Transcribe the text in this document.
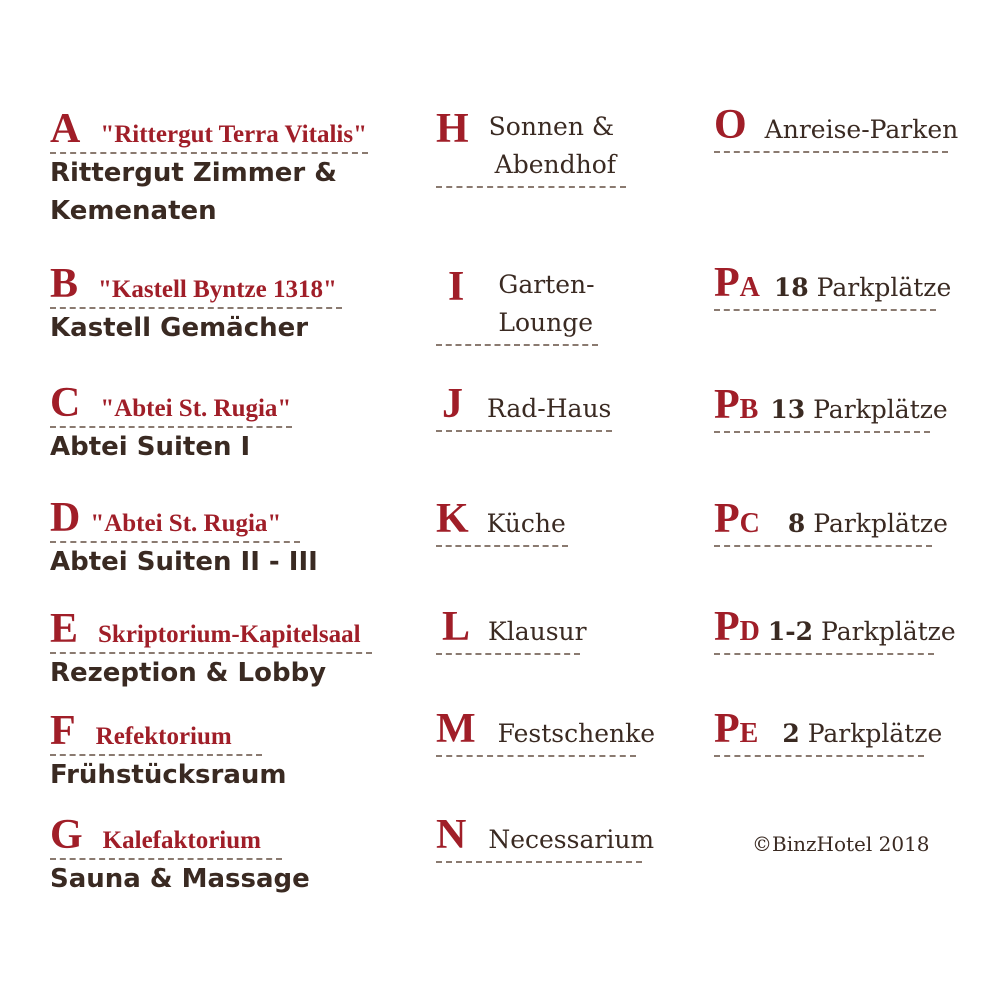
A "Rittergut Terra Vitalis"
Rittergut Zimmer &
Kemenaten
B "Kastell Byntze 1318"
Kastell Gemächer
C "Abtei St. Rugia"
Abtei Suiten I
D "Abtei St. Rugia"
Abtei Suiten II - III
E Skriptorium-Kapitelsaal
Rezeption & Lobby
F Refektorium
Frühstücksraum
G Kalefaktorium
Sauna & Massage
H Sonnen &
Abendhof
I Garten-
Lounge
J Rad-Haus
K Küche
L Klausur
M Festschenke
N Necessarium
O Anreise-Parken
PA 18 Parkplätze
PB 13 Parkplätze
PC 8 Parkplätze
PD 1-2 Parkplätze
PE 2 Parkplätze
©BinzHotel 2018
